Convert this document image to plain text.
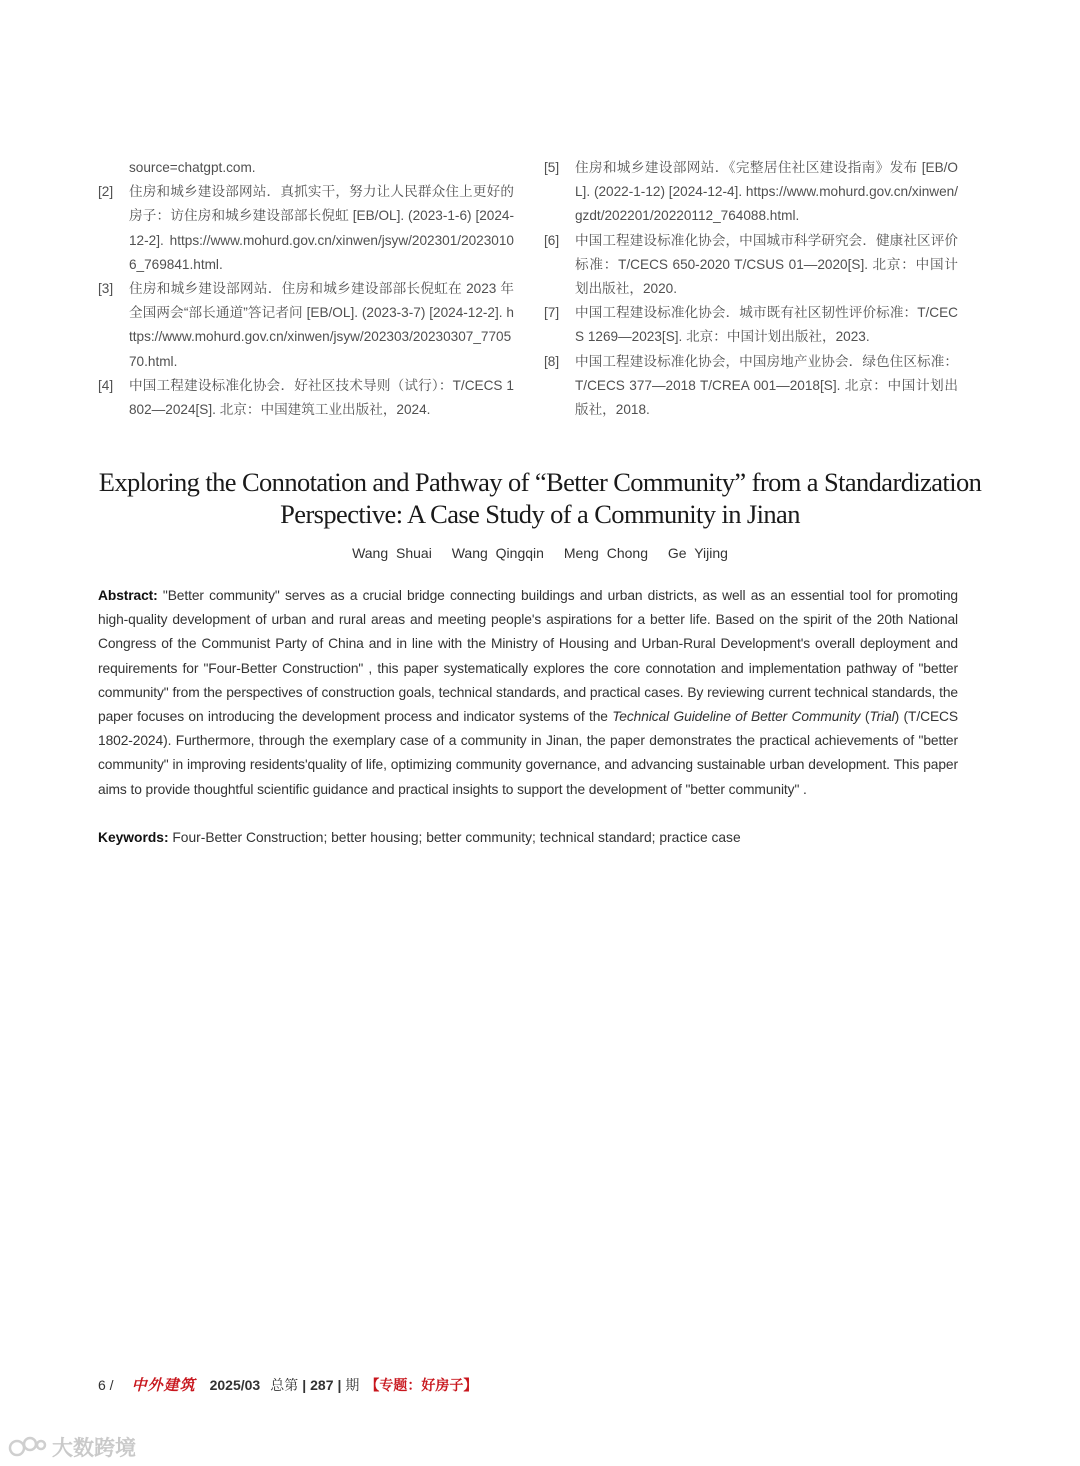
source=chatgpt.com.
[2] 住房和城乡建设部网站．真抓实干，努力让人民群众住上更好的房子：访住房和城乡建设部部长倪虹 [EB/OL]. (2023-1-6) [2024-12-2]. https://www.mohurd.gov.cn/xinwen/jsyw/202301/20230106_769841.html.
[3] 住房和城乡建设部网站．住房和城乡建设部部长倪虹在 2023 年全国两会“部长通道”答记者问 [EB/OL]. (2023-3-7) [2024-12-2]. https://www.mohurd.gov.cn/xinwen/jsyw/202303/20230307_770570.html.
[4] 中国工程建设标准化协会．好社区技术导则（试行）：T/CECS 1802—2024[S]. 北京：中国建筑工业出版社，2024.
[5] 住房和城乡建设部网站．《完整居住社区建设指南》发布 [EB/OL]. (2022-1-12) [2024-12-4]. https://www.mohurd.gov.cn/xinwen/gzdt/202201/20220112_764088.html.
[6] 中国工程建设标准化协会，中国城市科学研究会．健康社区评价标准：T/CECS 650-2020 T/CSUS 01—2020[S]. 北京：中国计划出版社，2020.
[7] 中国工程建设标准化协会．城市既有社区韧性评价标准：T/CECS 1269—2023[S]. 北京：中国计划出版社，2023.
[8] 中国工程建设标准化协会，中国房地产业协会．绿色住区标准：T/CECS 377—2018 T/CREA 001—2018[S]. 北京：中国计划出版社，2018.
Exploring the Connotation and Pathway of “Better Community” from a Standardization
Perspective: A Case Study of a Community in Jinan
Wang Shuai Wang Qingqin Meng Chong Ge Yijing
Abstract: "Better community" serves as a crucial bridge connecting buildings and urban districts, as well as an essential tool for promoting high-quality development of urban and rural areas and meeting people's aspirations for a better life. Based on the spirit of the 20th National Congress of the Communist Party of China and in line with the Ministry of Housing and Urban-Rural Development's overall deployment and requirements for "Four-Better Construction" , this paper systematically explores the core connotation and implementation pathway of "better community" from the perspectives of construction goals, technical standards, and practical cases. By reviewing current technical standards, the paper focuses on introducing the development process and indicator systems of the Technical Guideline of Better Community (Trial) (T/CECS 1802-2024). Furthermore, through the exemplary case of a community in Jinan, the paper demonstrates the practical achievements of "better community" in improving residents'quality of life, optimizing community governance, and advancing sustainable urban development. This paper aims to provide thoughtful scientific guidance and practical insights to support the development of "better community" .
Keywords: Four-Better Construction; better housing; better community; technical standard; practice case
6 / 中外建筑 2025/03 总第 | 287 | 期 【专题：好房子】
大数跨境
